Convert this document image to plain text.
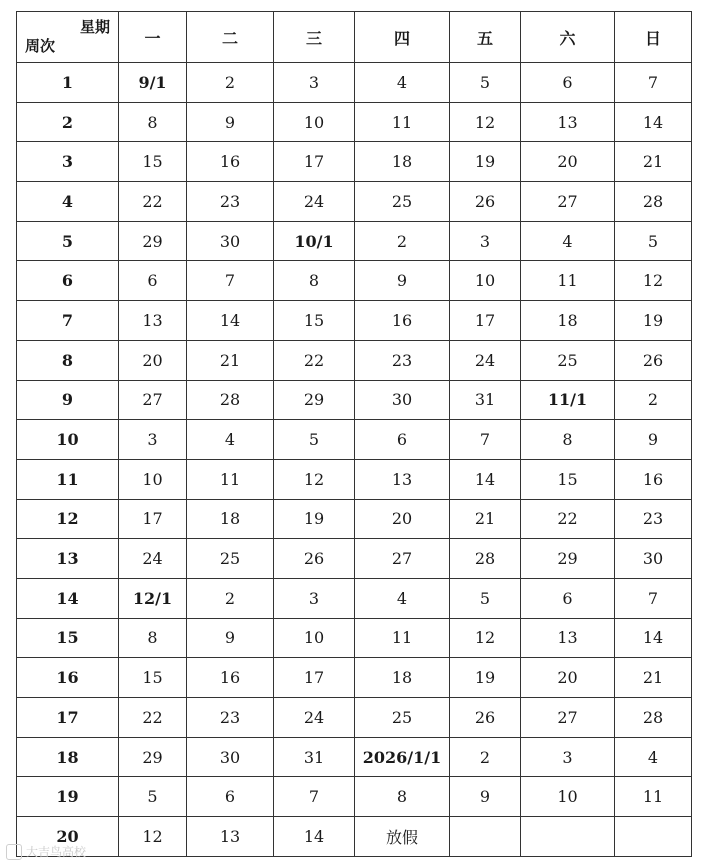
星期
周次	一	二	三	四	五	六	日
1	9/1	2	3	4	5	6	7
2	8	9	10	11	12	13	14
3	15	16	17	18	19	20	21
4	22	23	24	25	26	27	28
5	29	30	10/1	2	3	4	5
6	6	7	8	9	10	11	12
7	13	14	15	16	17	18	19
8	20	21	22	23	24	25	26
9	27	28	29	30	31	11/1	2
10	3	4	5	6	7	8	9
11	10	11	12	13	14	15	16
12	17	18	19	20	21	22	23
13	24	25	26	27	28	29	30
14	12/1	2	3	4	5	6	7
15	8	9	10	11	12	13	14
16	15	16	17	18	19	20	21
17	22	23	24	25	26	27	28
18	29	30	31	2026/1/1	2	3	4
19	5	6	7	8	9	10	11
20	12	13	14	放假			
大吉鸟高校
